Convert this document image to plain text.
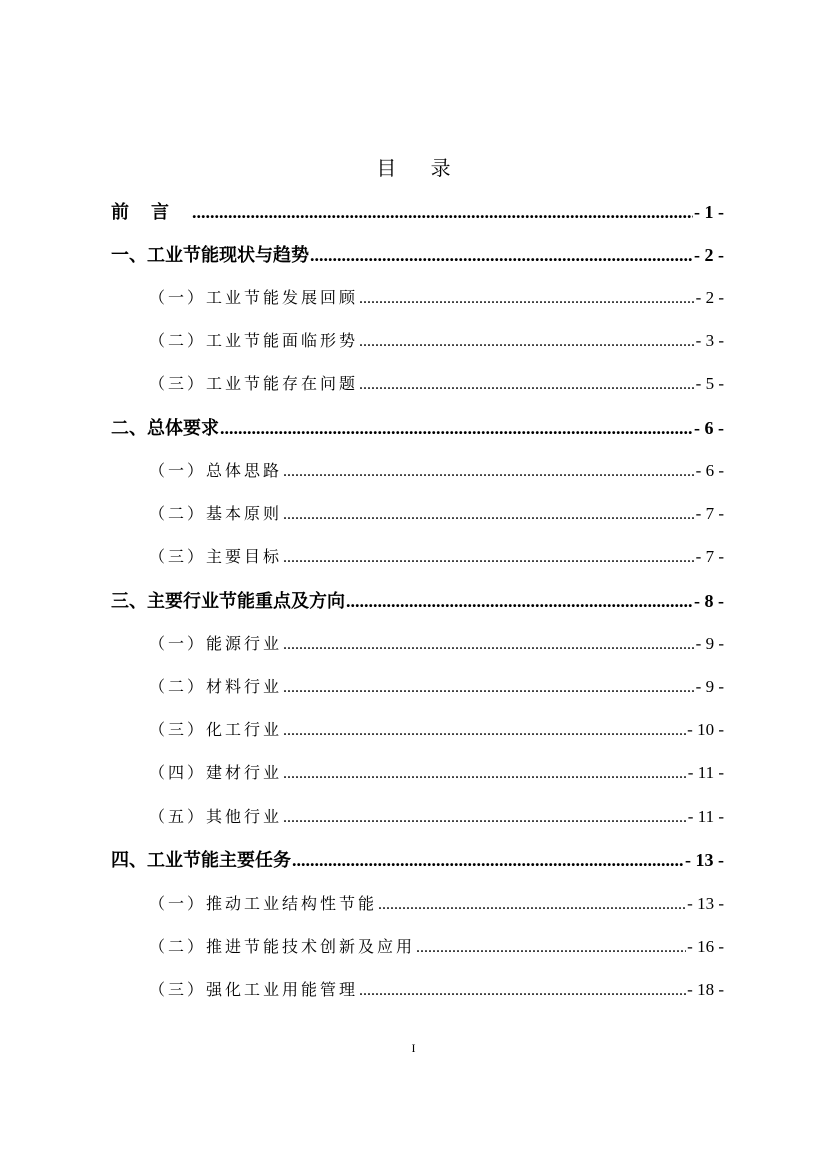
目 录
前言 .....	- 1 -
一、工业节能现状与趋势 .....	- 2 -
（一）工业节能发展回顾 .....	- 2 -
（二）工业节能面临形势 .....	- 3 -
（三）工业节能存在问题 .....	- 5 -
二、总体要求 .....	- 6 -
（一）总体思路 .....	- 6 -
（二）基本原则 .....	- 7 -
（三）主要目标 .....	- 7 -
三、主要行业节能重点及方向 .....	- 8 -
（一）能源行业 .....	- 9 -
（二）材料行业 .....	- 9 -
（三）化工行业 .....	- 10 -
（四）建材行业 .....	- 11 -
（五）其他行业 .....	- 11 -
四、工业节能主要任务 .....	- 13 -
（一）推动工业结构性节能 .....	- 13 -
（二）推进节能技术创新及应用 .....	- 16 -
（三）强化工业用能管理 .....	- 18 -
I
